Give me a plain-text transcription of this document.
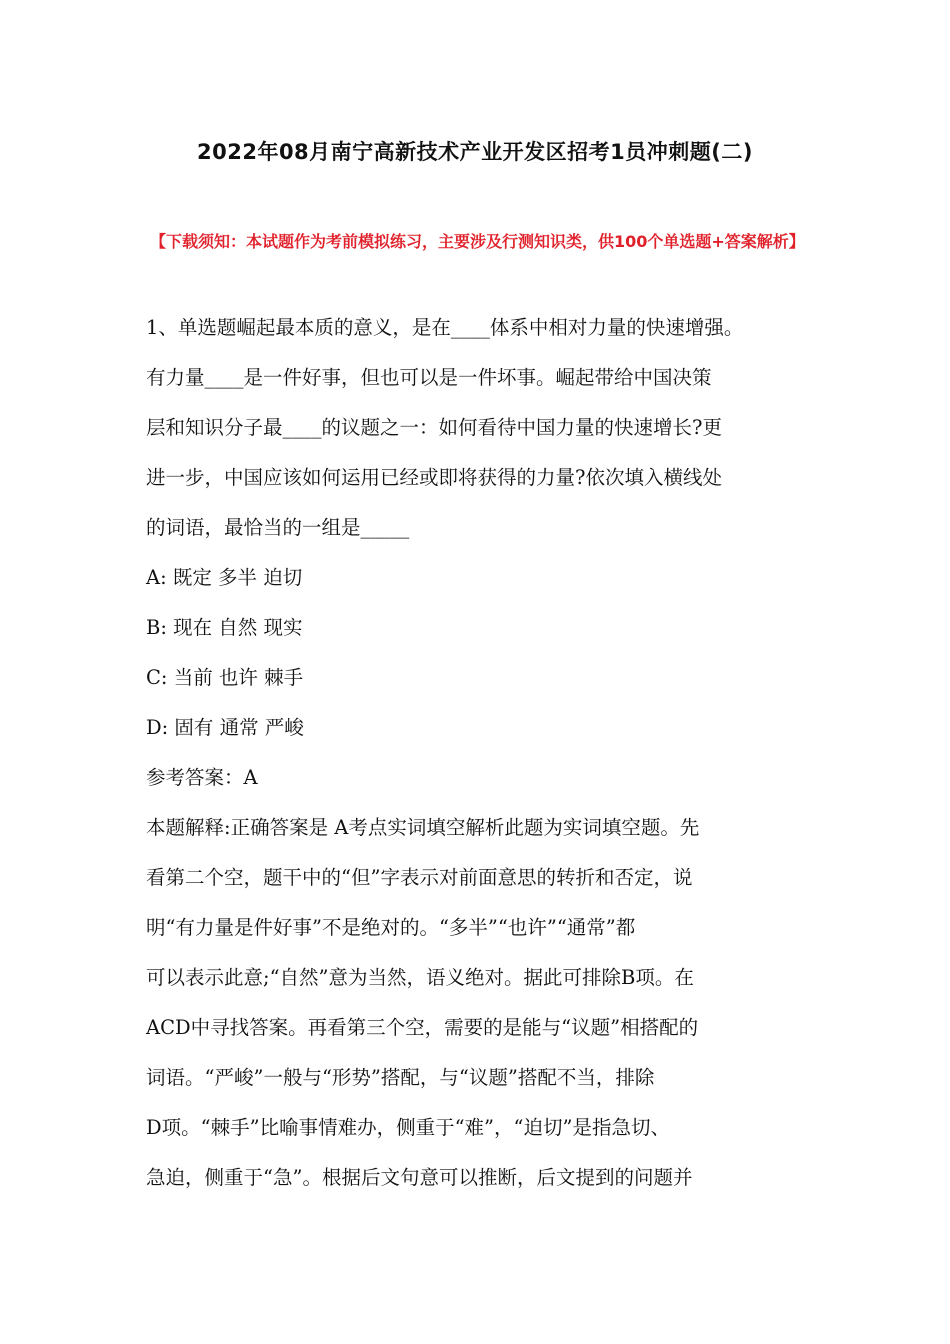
2022年08月南宁高新技术产业开发区招考1员冲刺题(二)
【下载须知：本试题作为考前模拟练习，主要涉及行测知识类，供100个单选题+答案解析】
1、单选题崛起最本质的意义，是在____体系中相对力量的快速增强。
有力量____是一件好事，但也可以是一件坏事。崛起带给中国决策
层和知识分子最____的议题之一：如何看待中国力量的快速增长?更
进一步，中国应该如何运用已经或即将获得的力量?依次填入横线处
的词语，最恰当的一组是_____
A: 既定 多半 迫切
B: 现在 自然 现实
C: 当前 也许 棘手
D: 固有 通常 严峻
参考答案：A
本题解释:正确答案是 A考点实词填空解析此题为实词填空题。先
看第二个空，题干中的“但”字表示对前面意思的转折和否定，说
明“有力量是件好事”不是绝对的。“多半”“也许”“通常”都
可以表示此意;“自然”意为当然，语义绝对。据此可排除B项。在
ACD中寻找答案。再看第三个空，需要的是能与“议题”相搭配的
词语。“严峻”一般与“形势”搭配，与“议题”搭配不当，排除
D项。“棘手”比喻事情难办，侧重于“难”，“迫切”是指急切、
急迫，侧重于“急”。根据后文句意可以推断，后文提到的问题并
